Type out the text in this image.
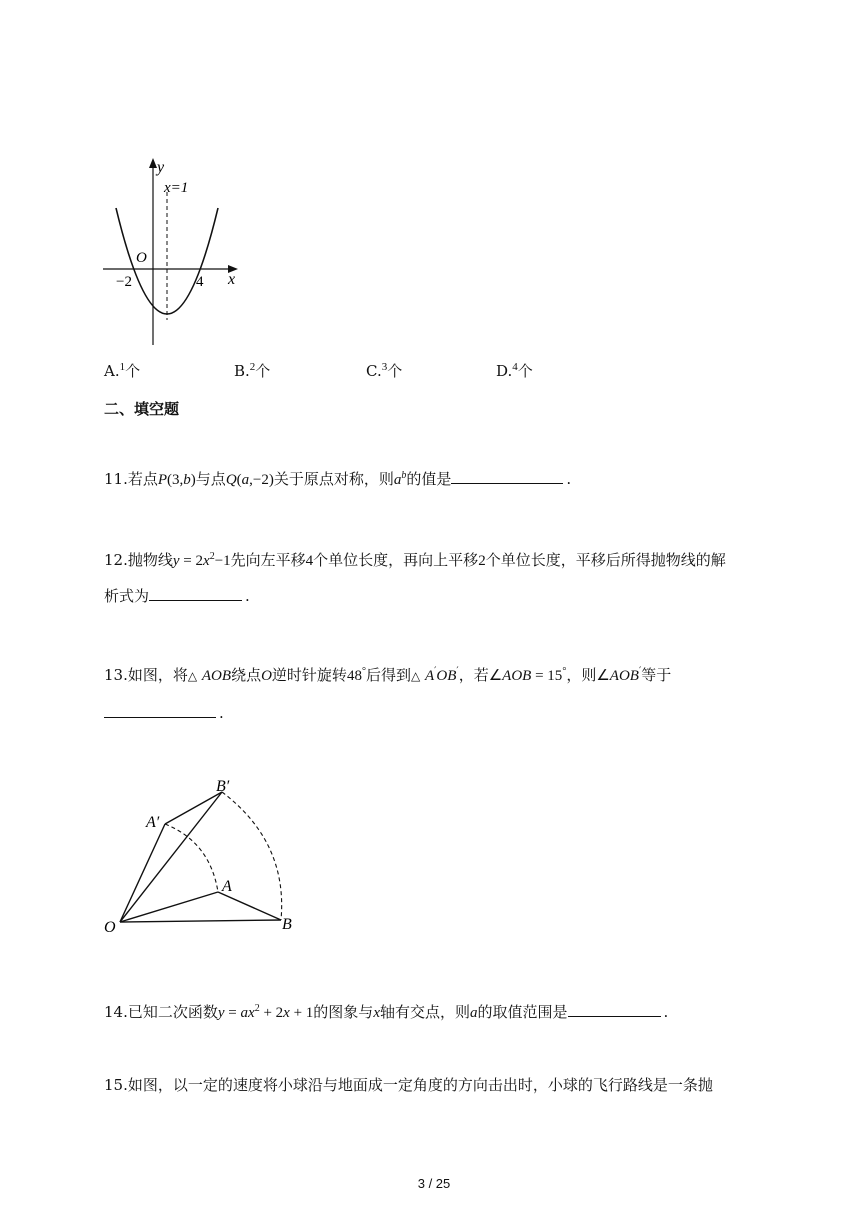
y
x=1
O
−2	4 x
A.$^1$个	B.$^2$个	C.$^3$个	D.$^4$个
二、填空题
11.若点P(3,b)与点Q(a,−2)关于原点对称，则$a^b$的值是	.
12.抛物线$y = 2x^2-1$先向左平移4个单位长度，再向上平移2个单位长度，平移后所得抛物线的解
析式为	.
13.如图，将△ AOB绕点O逆时针旋转48°后得到△ A′OB′，若∠AOB = 15°，则∠AOB′等于
.
B′
A′
A
O	B
14.已知二次函数$y = ax^2 + 2x + 1$的图象与x轴有交点，则a的取值范围是	.
15.如图，以一定的速度将小球沿与地面成一定角度的方向击出时，小球的飞行路线是一条抛
3 / 25
